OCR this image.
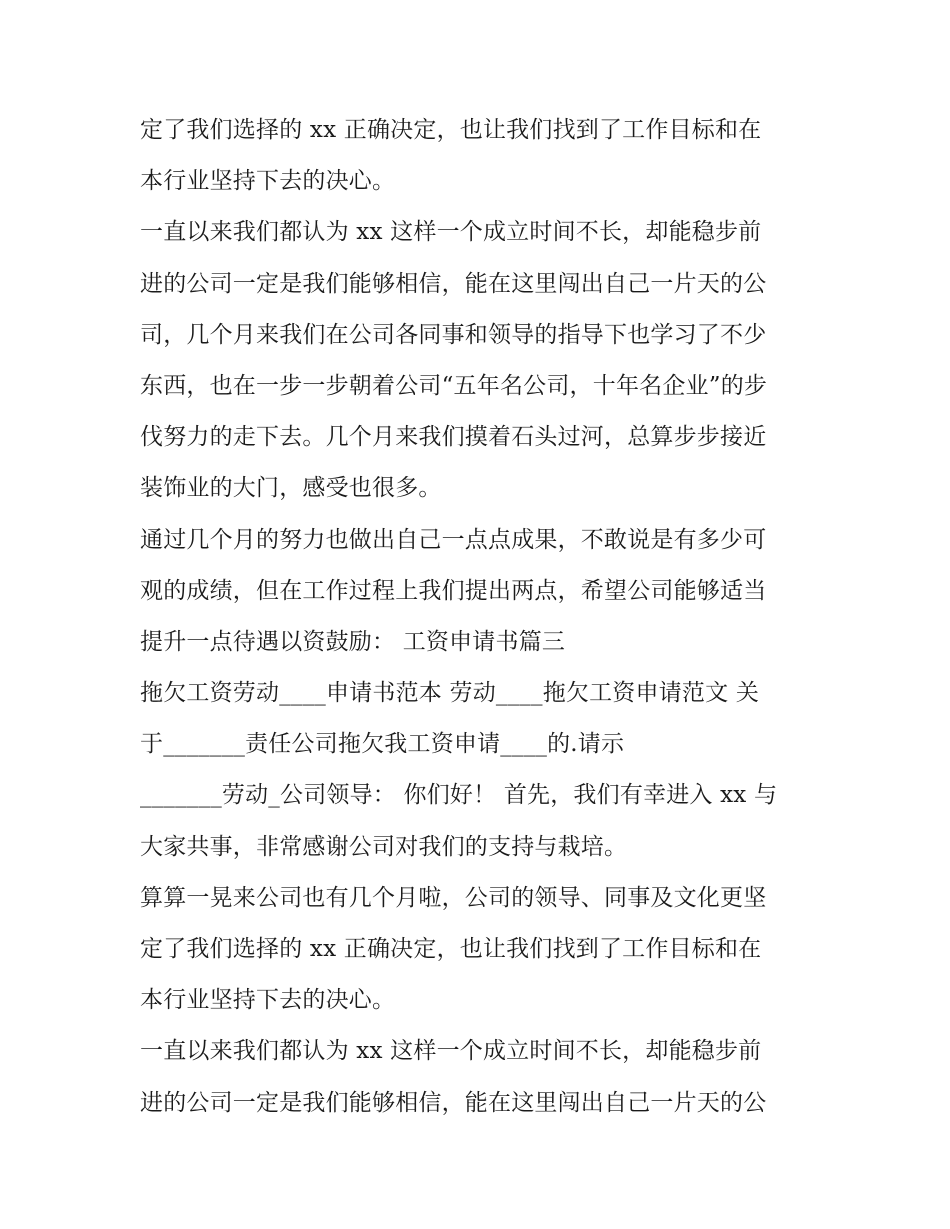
定了我们选择的 xx 正确决定，也让我们找到了工作目标和在
本行业坚持下去的决心。
一直以来我们都认为 xx 这样一个成立时间不长，却能稳步前
进的公司一定是我们能够相信，能在这里闯出自己一片天的公
司，几个月来我们在公司各同事和领导的指导下也学习了不少
东西，也在一步一步朝着公司“五年名公司，十年名企业”的步
伐努力的走下去。几个月来我们摸着石头过河，总算步步接近
装饰业的大门，感受也很多。
通过几个月的努力也做出自己一点点成果，不敢说是有多少可
观的成绩，但在工作过程上我们提出两点，希望公司能够适当
提升一点待遇以资鼓励： 工资申请书篇三
拖欠工资劳动____申请书范本 劳动____拖欠工资申请范文 关
于_______责任公司拖欠我工资申请____的.请示
_______劳动_公司领导： 你们好！ 首先，我们有幸进入 xx 与
大家共事，非常感谢公司对我们的支持与栽培。
算算一晃来公司也有几个月啦，公司的领导、同事及文化更坚
定了我们选择的 xx 正确决定，也让我们找到了工作目标和在
本行业坚持下去的决心。
一直以来我们都认为 xx 这样一个成立时间不长，却能稳步前
进的公司一定是我们能够相信，能在这里闯出自己一片天的公
